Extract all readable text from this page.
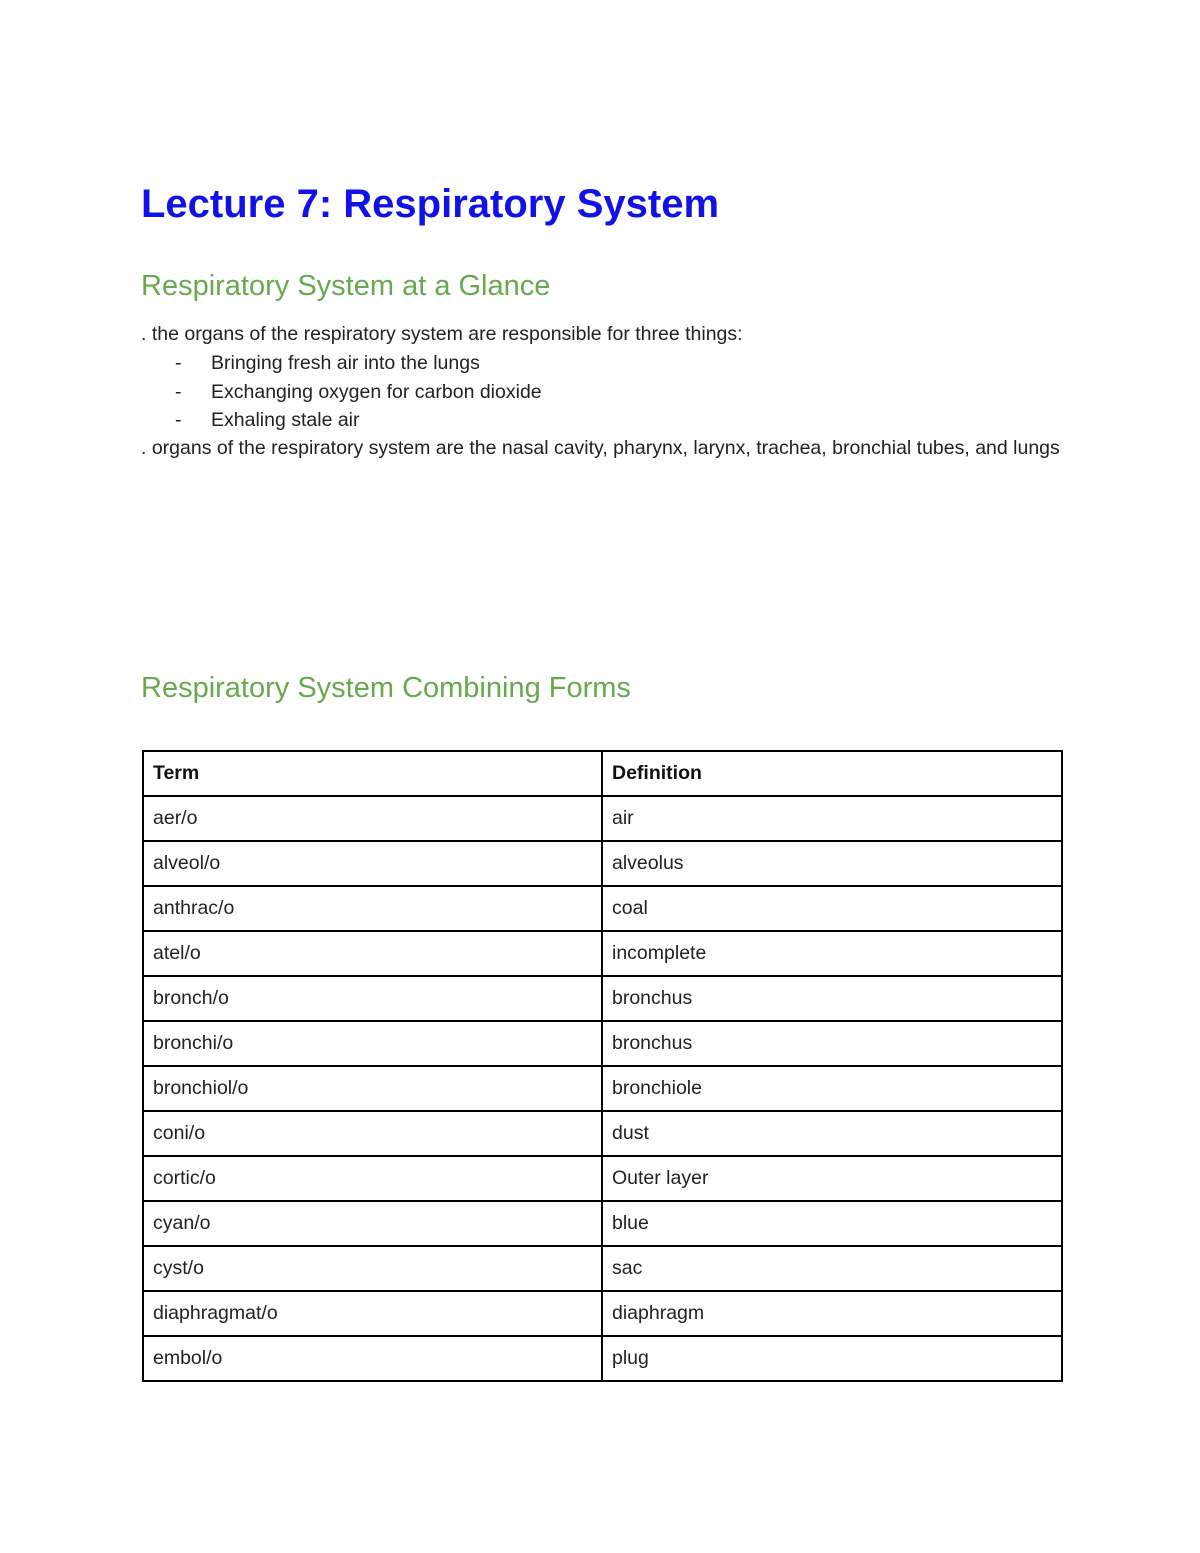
Lecture 7: Respiratory System
Respiratory System at a Glance

. the organs of the respiratory system are responsible for three things:

- Bringing fresh air into the lungs
- Exchanging oxygen for carbon dioxide
- Exhaling stale air

. organs of the respiratory system are the nasal cavity, pharynx, larynx, trachea, bronchial tubes, and lungs

Respiratory System Combining Forms
Term	Definition
aer/o	air
alveol/o	alveolus
anthrac/o	coal
atel/o	incomplete
bronch/o	bronchus
bronchi/o	bronchus
bronchiol/o	bronchiole
coni/o	dust
cortic/o	Outer layer
cyan/o	blue
cyst/o	sac
diaphragmat/o	diaphragm
embol/o	plug
